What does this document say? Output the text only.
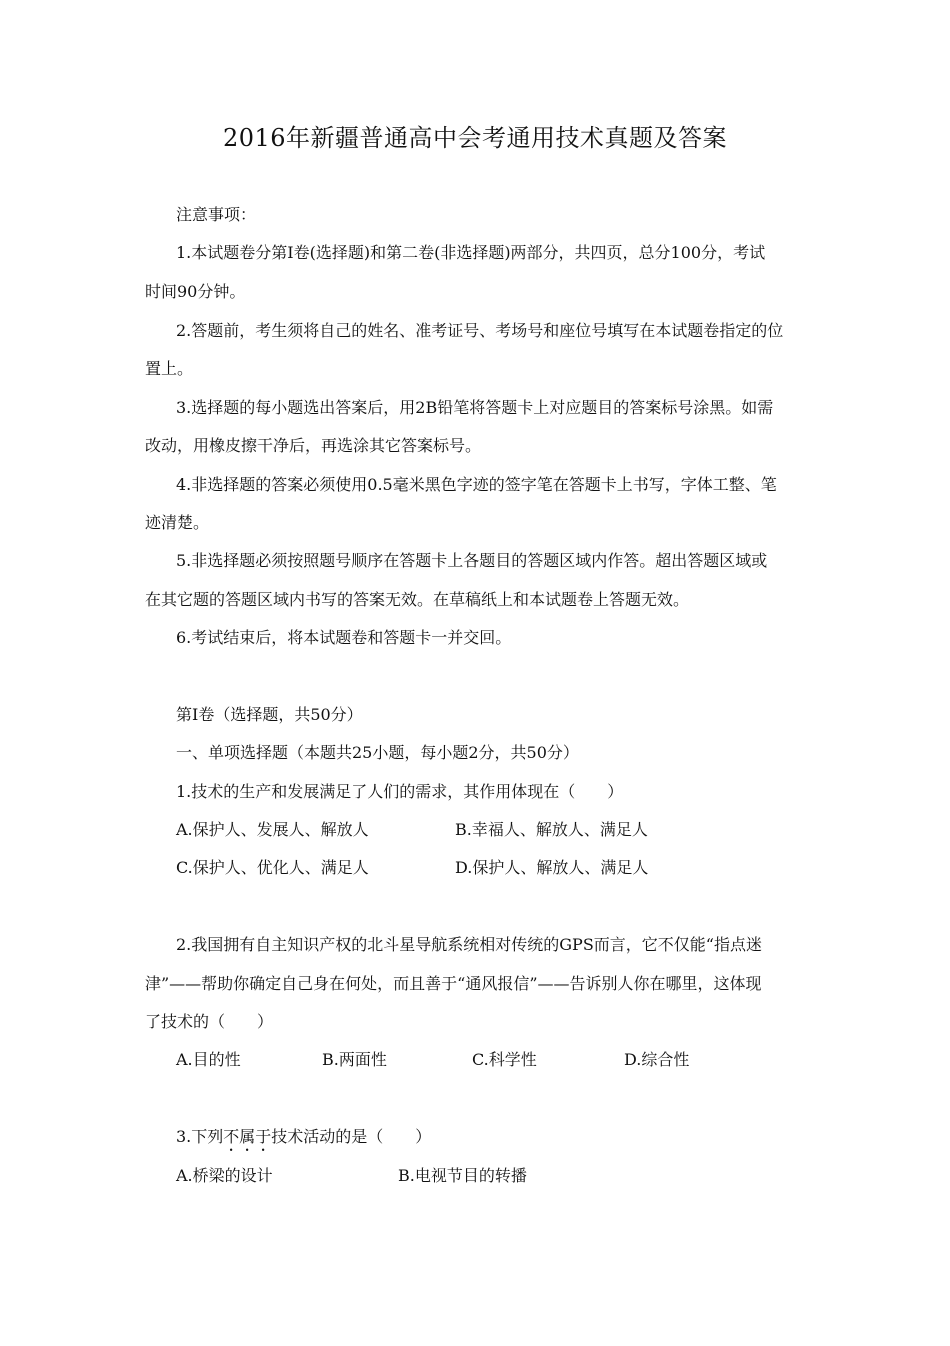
2016年新疆普通高中会考通用技术真题及答案
注意事项：
1.本试题卷分第Ⅰ卷(选择题)和第二卷(非选择题)两部分，共四页，总分100分，考试
时间90分钟。
2.答题前，考生须将自己的姓名、准考证号、考场号和座位号填写在本试题卷指定的位
置上。
3.选择题的每小题选出答案后，用2B铅笔将答题卡上对应题目的答案标号涂黑。如需
改动，用橡皮擦干净后，再选涂其它答案标号。
4.非选择题的答案必须使用0.5毫米黑色字迹的签字笔在答题卡上书写，字体工整、笔
迹清楚。
5.非选择题必须按照题号顺序在答题卡上各题目的答题区域内作答。超出答题区域或
在其它题的答题区域内书写的答案无效。在草稿纸上和本试题卷上答题无效。
6.考试结束后，将本试题卷和答题卡一并交回。
第Ⅰ卷（选择题，共50分）
一、单项选择题（本题共25小题，每小题2分，共50分）
1.技术的生产和发展满足了人们的需求，其作用体现在（　　）
A.保护人、发展人、解放人	B.幸福人、解放人、满足人
C.保护人、优化人、满足人	D.保护人、解放人、满足人
2.我国拥有自主知识产权的北斗星导航系统相对传统的GPS而言，它不仅能“指点迷
津”——帮助你确定自己身在何处，而且善于“通风报信”——告诉别人你在哪里，这体现
了技术的（　　）
A.目的性	B.两面性	C.科学性	D.综合性
3.下列不属于技术活动的是（　　）
A.桥梁的设计	B.电视节目的转播
